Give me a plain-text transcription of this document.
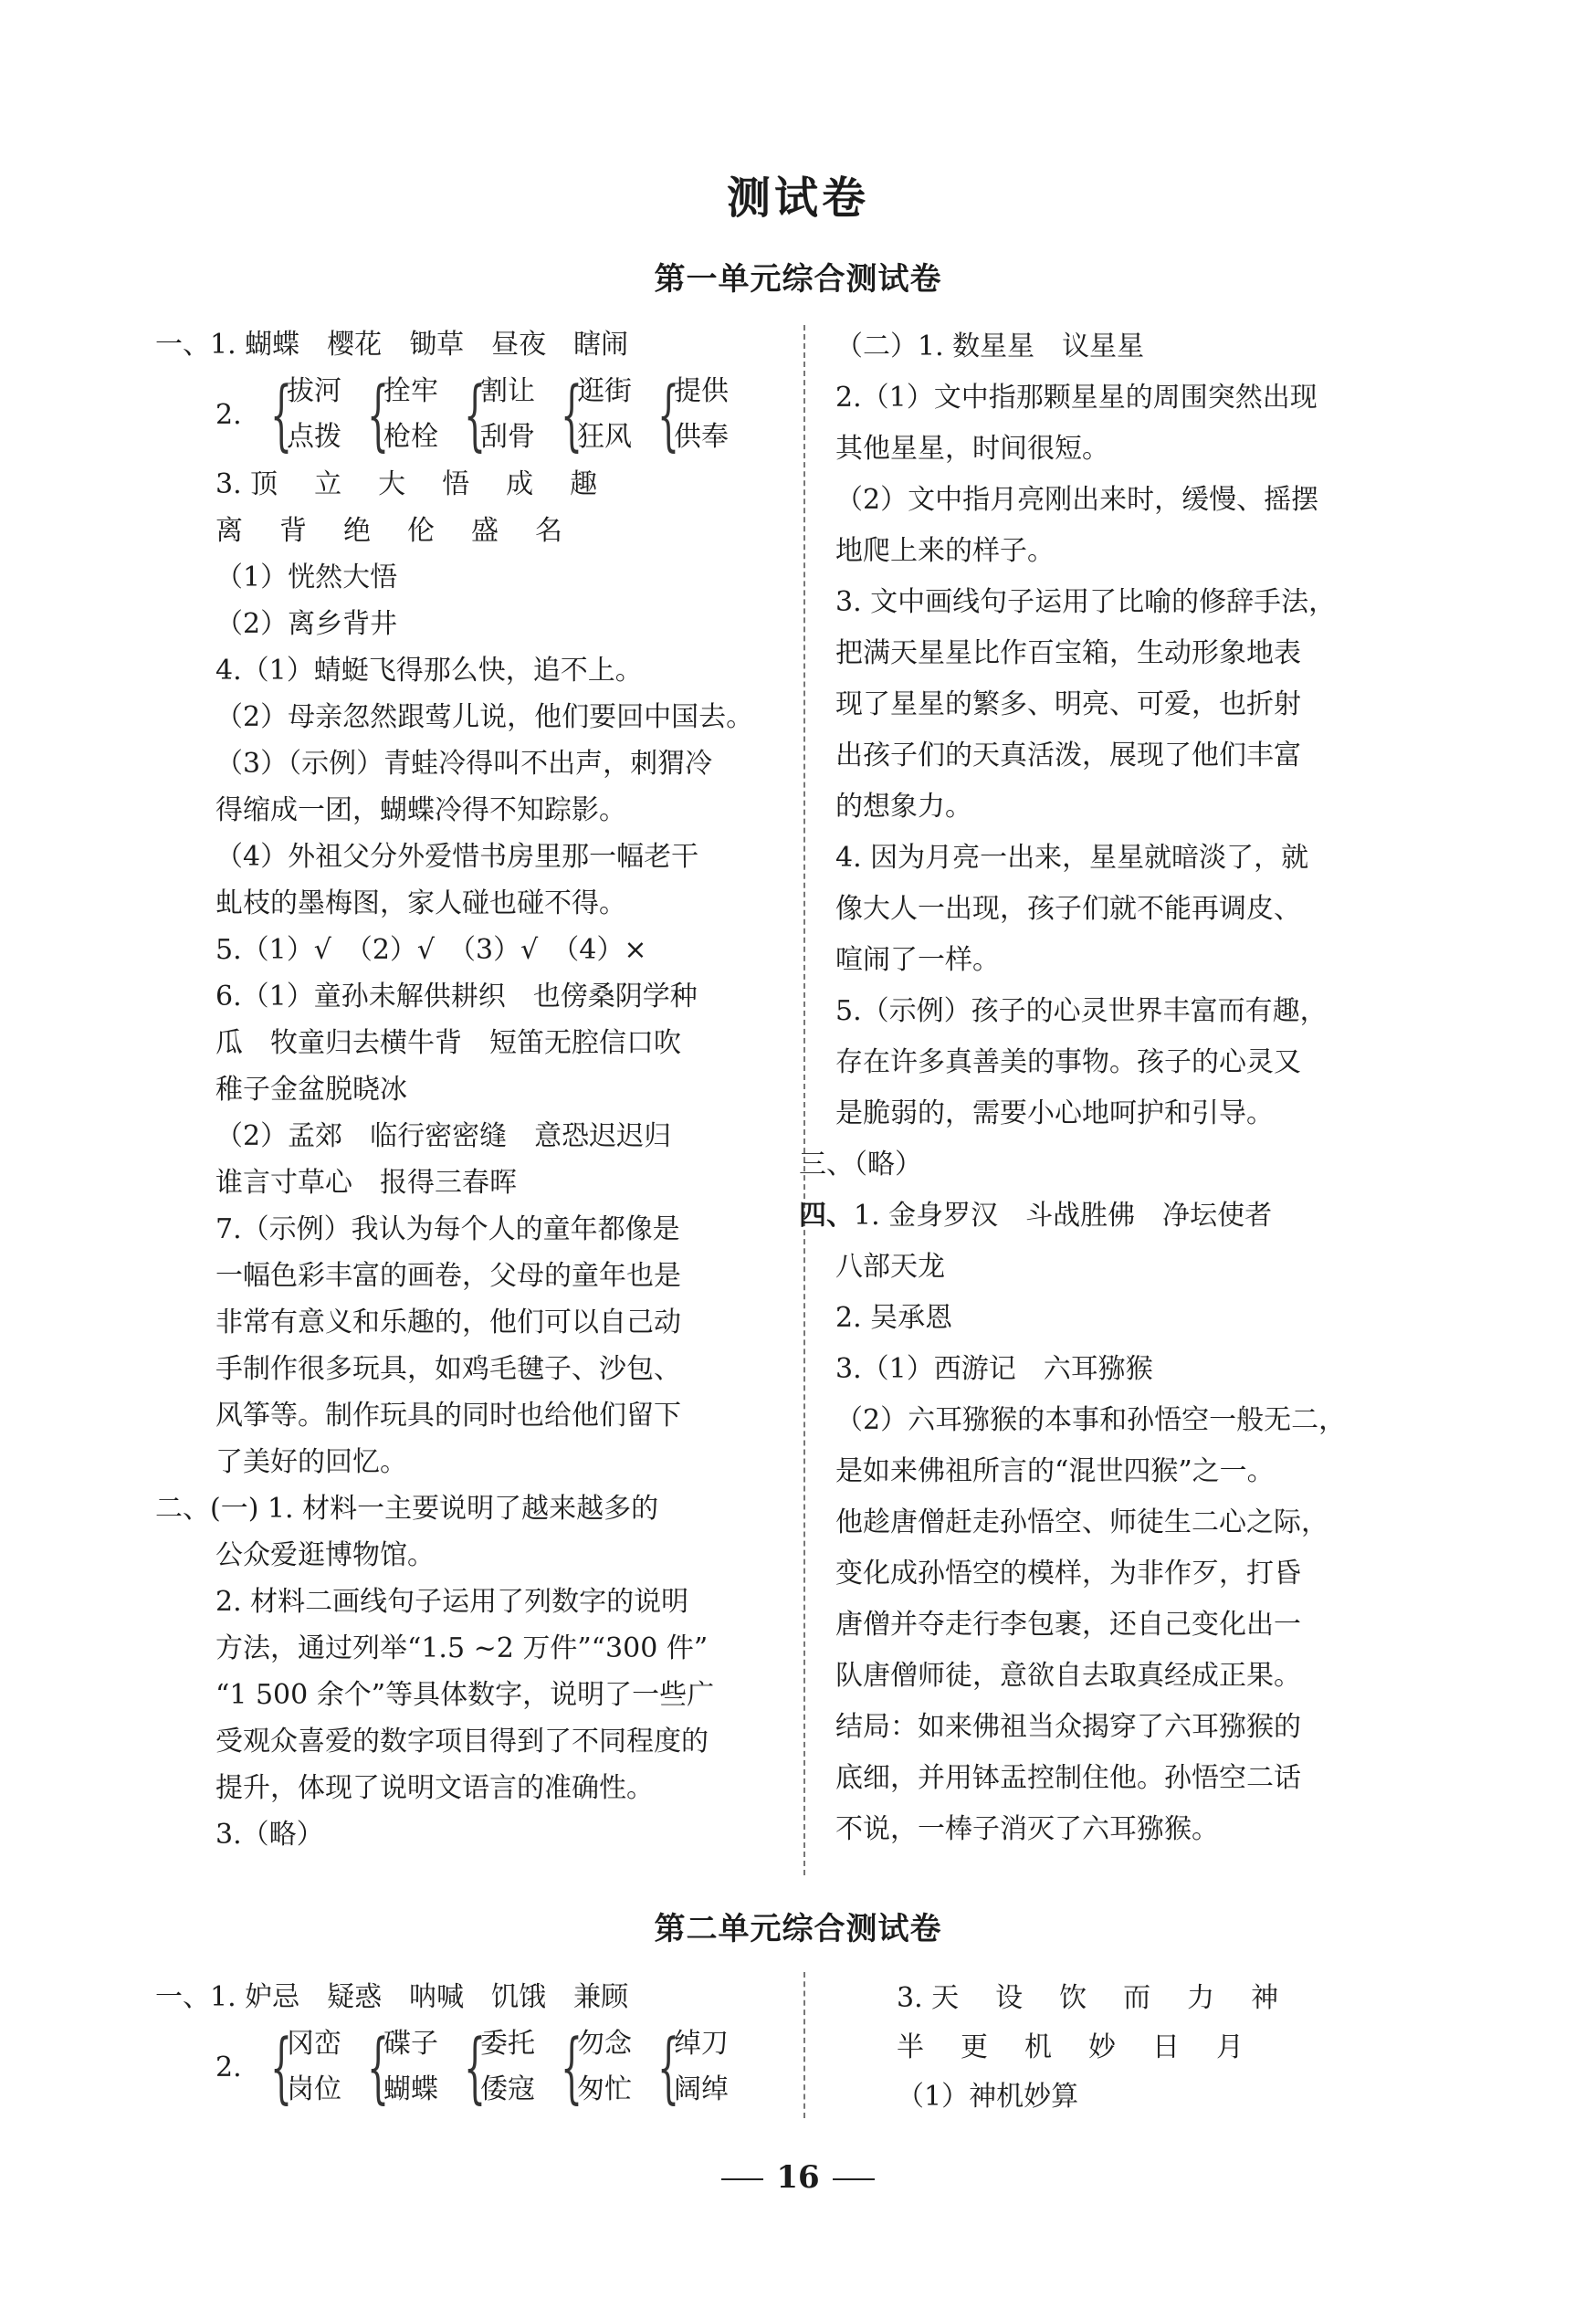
测试卷
第一单元综合测试卷
一、1. 蝴蝶　樱花　锄草　昼夜　瞎闹
2. {
拔河
点拨 {
拴牢
枪栓 {
割让
刮骨 {
逛街
狂风 {
提供
供奉
3. 顶 立 大 悟 成 趣
离 背 绝 伦 盛 名
（1）恍然大悟
（2）离乡背井
4.（1）蜻蜓飞得那么快，追不上。
（2）母亲忽然跟莺儿说，他们要回中国去。
（3）（示例）青蛙冷得叫不出声，刺猬冷
得缩成一团，蝴蝶冷得不知踪影。
（4）外祖父分外爱惜书房里那一幅老干
虬枝的墨梅图，家人碰也碰不得。
5.（1）√　（2）√　（3）√　（4）×
6.（1）童孙未解供耕织　也傍桑阴学种
瓜　牧童归去横牛背　短笛无腔信口吹
稚子金盆脱晓冰
（2）孟郊　临行密密缝　意恐迟迟归
谁言寸草心　报得三春晖
7.（示例）我认为每个人的童年都像是
一幅色彩丰富的画卷，父母的童年也是
非常有意义和乐趣的，他们可以自己动
手制作很多玩具，如鸡毛毽子、沙包、
风筝等。制作玩具的同时也给他们留下
了美好的回忆。
二、(一) 1. 材料一主要说明了越来越多的
公众爱逛博物馆。
2. 材料二画线句子运用了列数字的说明
方法，通过列举“1.5 ~2 万件”“300 件”
“1 500 余个”等具体数字，说明了一些广
受观众喜爱的数字项目得到了不同程度的
提升，体现了说明文语言的准确性。
3.（略）
（二）1. 数星星　议星星
2.（1）文中指那颗星星的周围突然出现
其他星星，时间很短。
（2）文中指月亮刚出来时，缓慢、摇摆
地爬上来的样子。
3. 文中画线句子运用了比喻的修辞手法，
把满天星星比作百宝箱，生动形象地表
现了星星的繁多、明亮、可爱，也折射
出孩子们的天真活泼，展现了他们丰富
的想象力。
4. 因为月亮一出来，星星就暗淡了，就
像大人一出现，孩子们就不能再调皮、
喧闹了一样。
5.（示例）孩子的心灵世界丰富而有趣，
存在许多真善美的事物。孩子的心灵又
是脆弱的，需要小心地呵护和引导。
三、（略）
四、1. 金身罗汉　斗战胜佛　净坛使者
八部天龙
2. 吴承恩
3.（1）西游记　六耳猕猴
（2）六耳猕猴的本事和孙悟空一般无二，
是如来佛祖所言的“混世四猴”之一。
他趁唐僧赶走孙悟空、师徒生二心之际，
变化成孙悟空的模样，为非作歹，打昏
唐僧并夺走行李包裹，还自己变化出一
队唐僧师徒，意欲自去取真经成正果。
结局：如来佛祖当众揭穿了六耳猕猴的
底细，并用钵盂控制住他。孙悟空二话
不说，一棒子消灭了六耳猕猴。
第二单元综合测试卷
一、1. 妒忌　疑惑　呐喊　饥饿　兼顾
2. {
冈峦
岗位 {
碟子
蝴蝶 {
委托
倭寇 {
勿念
匆忙 {
绰刀
阔绰
3. 天 设 饮 而 力 神
半 更 机 妙 日 月
（1）神机妙算
16
